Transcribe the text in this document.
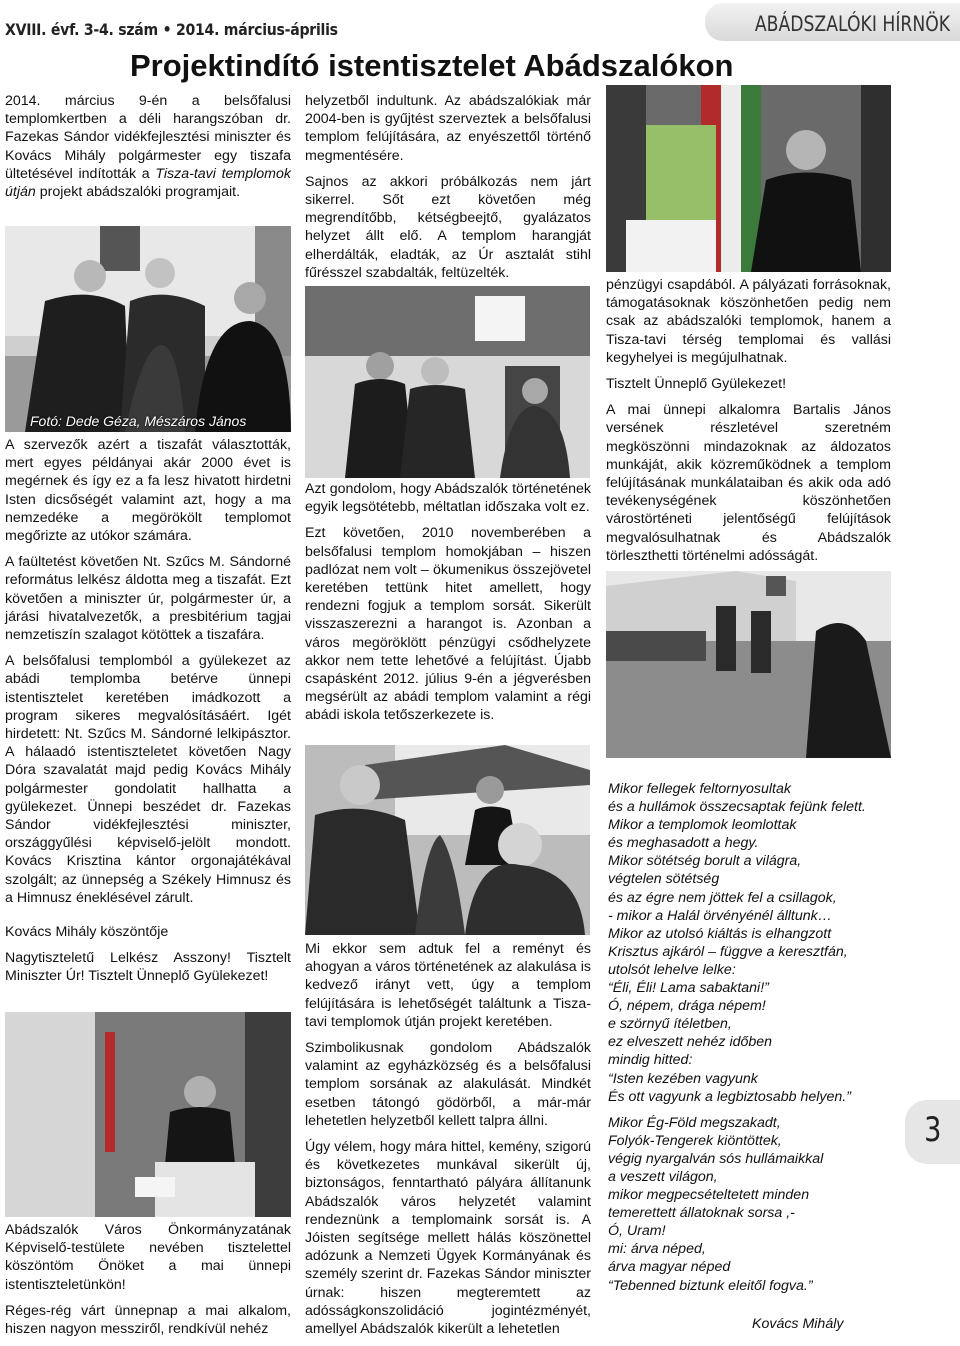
XVIII. évf. 3-4. szám • 2014. március-április	ABÁDSZALÓKI HÍRNÖK
Projektindító istentisztelet Abádszalókon

2014. március 9-én a belsőfalusi templomkertben a déli harangszóban dr. Fazekas Sándor vidékfejlesztési miniszter és Kovács Mihály polgármester egy tiszafa ültetésével indították a Tisza-tavi templomok útján projekt abádszalóki programjait.

Fotó: Dede Géza, Mészáros János

A szervezők azért a tiszafát választották, mert egyes példányai akár 2000 évet is megérnek és így ez a fa lesz hivatott hirdetni Isten dicsőségét valamint azt, hogy a ma nemzedéke a megörökölt templomot megőrizte az utókor számára.

A faültetést követően Nt. Szűcs M. Sándorné református lelkész áldotta meg a tiszafát. Ezt követően a miniszter úr, polgármester úr, a járási hivatalvezetők, a presbitérium tagjai nemzetiszín szalagot kötöttek a tiszafára.

A belsőfalusi templomból a gyülekezet az abádi templomba betérve ünnepi istentisztelet keretében imádkozott a program sikeres megvalósításáért. Igét hirdetett: Nt. Szűcs M. Sándorné lelkipásztor. A hálaadó istentiszteletet követően Nagy Dóra szavalatát majd pedig Kovács Mihály polgármester gondolatit hallhatta a gyülekezet. Ünnepi beszédet dr. Fazekas Sándor vidékfejlesztési miniszter, országgyűlési képviselő-jelölt mondott. Kovács Krisztina kántor orgonajátékával szolgált; az ünnepség a Székely Himnusz és a Himnusz éneklésével zárult.

Kovács Mihály köszöntője

Nagytiszteletű Lelkész Asszony! Tisztelt Miniszter Úr! Tisztelt Ünneplő Gyülekezet!

Abádszalók Város Önkormányzatának Képviselő-testülete nevében tisztelettel köszöntöm Önöket a mai ünnepi istentiszteletünkön!

Réges-rég várt ünnepnap a mai alkalom, hiszen nagyon messziről, rendkívül nehéz

helyzetből indultunk. Az abádszalókiak már 2004-ben is gyűjtést szerveztek a belsőfalusi templom felújítására, az enyészettől történő megmentésére.

Sajnos az akkori próbálkozás nem járt sikerrel. Sőt ezt követően még megrendítőbb, kétségbeejtő, gyalázatos helyzet állt elő. A templom harangját elherdálták, eladták, az Úr asztalát stihl fűrésszel szabdalták, feltüzelték.

Azt gondolom, hogy Abádszalók történetének egyik legsötétebb, méltatlan időszaka volt ez.

Ezt követően, 2010 novemberében a belsőfalusi templom homokjában – hiszen padlózat nem volt – ökumenikus összejövetel keretében tettünk hitet amellett, hogy rendezni fogjuk a templom sorsát. Sikerült visszaszerezni a harangot is. Azonban a város megöröklött pénzügyi csődhelyzete akkor nem tette lehetővé a felújítást. Újabb csapásként 2012. július 9-én a jégverésben megsérült az abádi templom valamint a régi abádi iskola tetőszerkezete is.

Mi ekkor sem adtuk fel a reményt és ahogyan a város történetének az alakulása is kedvező irányt vett, úgy a templom felújítására is lehetőségét találtunk a Tisza-tavi templomok útján projekt keretében.

Szimbolikusnak gondolom Abádszalók valamint az egyházközség és a belsőfalusi templom sorsának az alakulását. Mindkét esetben tátongó gödörből, a már-már lehetetlen helyzetből kellett talpra állni.

Úgy vélem, hogy mára hittel, kemény, szigorú és következetes munkával sikerült új, biztonságos, fenntartható pályára állítanunk Abádszalók város helyzetét valamint rendeznünk a templomaink sorsát is. A Jóisten segítsége mellett hálás köszönettel adózunk a Nemzeti Ügyek Kormányának és személy szerint dr. Fazekas Sándor miniszter úrnak: hiszen megteremtett az adósságkonszolidáció jogintézményét, amellyel Abádszalók kikerült a lehetetlen

pénzügyi csapdából. A pályázati forrásoknak, támogatásoknak köszönhetően pedig nem csak az abádszalóki templomok, hanem a Tisza-tavi térség templomai és vallási kegyhelyei is megújulhatnak.

Tisztelt Ünneplő Gyülekezet!

A mai ünnepi alkalomra Bartalis János versének részletével szeretném megköszönni mindazoknak az áldozatos munkáját, akik közreműködnek a templom felújításának munkálataiban és akik oda adó tevékenységének köszönhetően várostörténeti jelentőségű felújítások megvalósulhatnak és Abádszalók törleszthetti történelmi adósságát.

Mikor fellegek feltornyosultak
és a hullámok összecsaptak fejünk felett.
Mikor a templomok leomlottak
és meghasadott a hegy.
Mikor sötétség borult a világra,
végtelen sötétség
és az égre nem jöttek fel a csillagok,
- mikor a Halál örvényénél álltunk…
Mikor az utolsó kiáltás is elhangzott
Krisztus ajkáról – függve a keresztfán,
utolsót lehelve lelke:
“Éli, Éli! Lama sabaktani!”
Ó, népem, drága népem!
e szörnyű ítéletben,
ez elveszett nehéz időben
mindig hitted:
“Isten kezében vagyunk
És ott vagyunk a legbiztosabb helyen.”
Mikor Ég-Föld megszakadt,
Folyók-Tengerek kiöntöttek,
végig nyargalván sós hullámaikkal
a veszett világon,
mikor megpecsételtetett minden
temerettett állatoknak sorsa ,-
Ó, Uram!
mi: árva néped,
árva magyar néped
“Tebenned biztunk eleitől fogva.”
Kovács Mihály
3
